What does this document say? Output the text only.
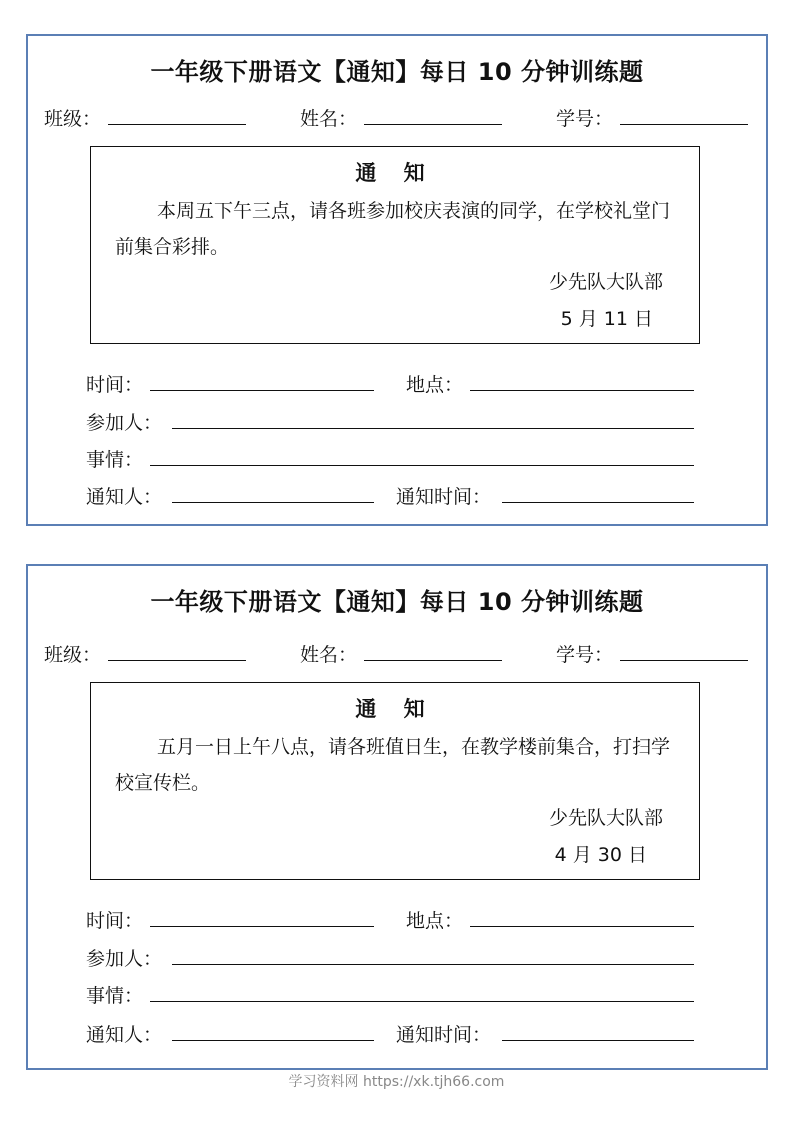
一年级下册语文【通知】每日 10 分钟训练题
班级：	姓名：	学号：
通 知
本周五下午三点，请各班参加校庆表演的同学，在学校礼堂门前集合彩排。
少先队大队部
5 月 11 日
时间：	地点：
参加人：
事情：
通知人：	通知时间：
一年级下册语文【通知】每日 10 分钟训练题
班级：	姓名：	学号：
通 知
五月一日上午八点，请各班值日生，在教学楼前集合，打扫学校宣传栏。
少先队大队部
4 月 30 日
时间：	地点：
参加人：
事情：
通知人：	通知时间：
学习资料网 https://xk.tjh66.com
